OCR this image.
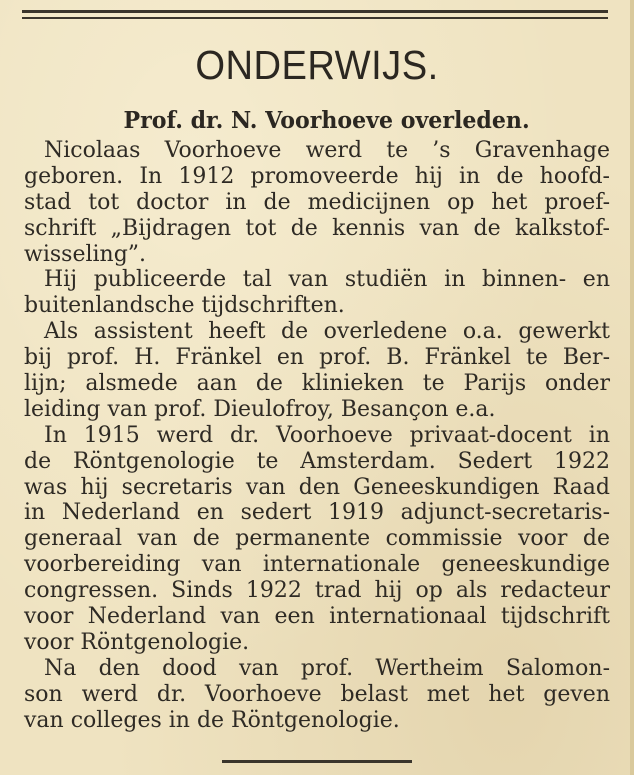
ONDERWIJS.
Prof. dr. N. Voorhoeve overleden.
Nicolaas Voorhoeve werd te ’s Gravenhage
geboren. In 1912 promoveerde hij in de hoofd-
stad tot doctor in de medicijnen op het proef-
schrift „Bijdragen tot de kennis van de kalkstof-
wisseling”.
Hij publiceerde tal van studiën in binnen- en
buitenlandsche tijdschriften.
Als assistent heeft de overledene o.a. gewerkt
bij prof. H. Fränkel en prof. B. Fränkel te Ber-
lijn; alsmede aan de klinieken te Parijs onder
leiding van prof. Dieulofroy, Besançon e.a.
In 1915 werd dr. Voorhoeve privaat-docent in
de Röntgenologie te Amsterdam. Sedert 1922
was hij secretaris van den Geneeskundigen Raad
in Nederland en sedert 1919 adjunct-secretaris-
generaal van de permanente commissie voor de
voorbereiding van internationale geneeskundige
congressen. Sinds 1922 trad hij op als redacteur
voor Nederland van een internationaal tijdschrift
voor Röntgenologie.
Na den dood van prof. Wertheim Salomon-
son werd dr. Voorhoeve belast met het geven
van colleges in de Röntgenologie.
